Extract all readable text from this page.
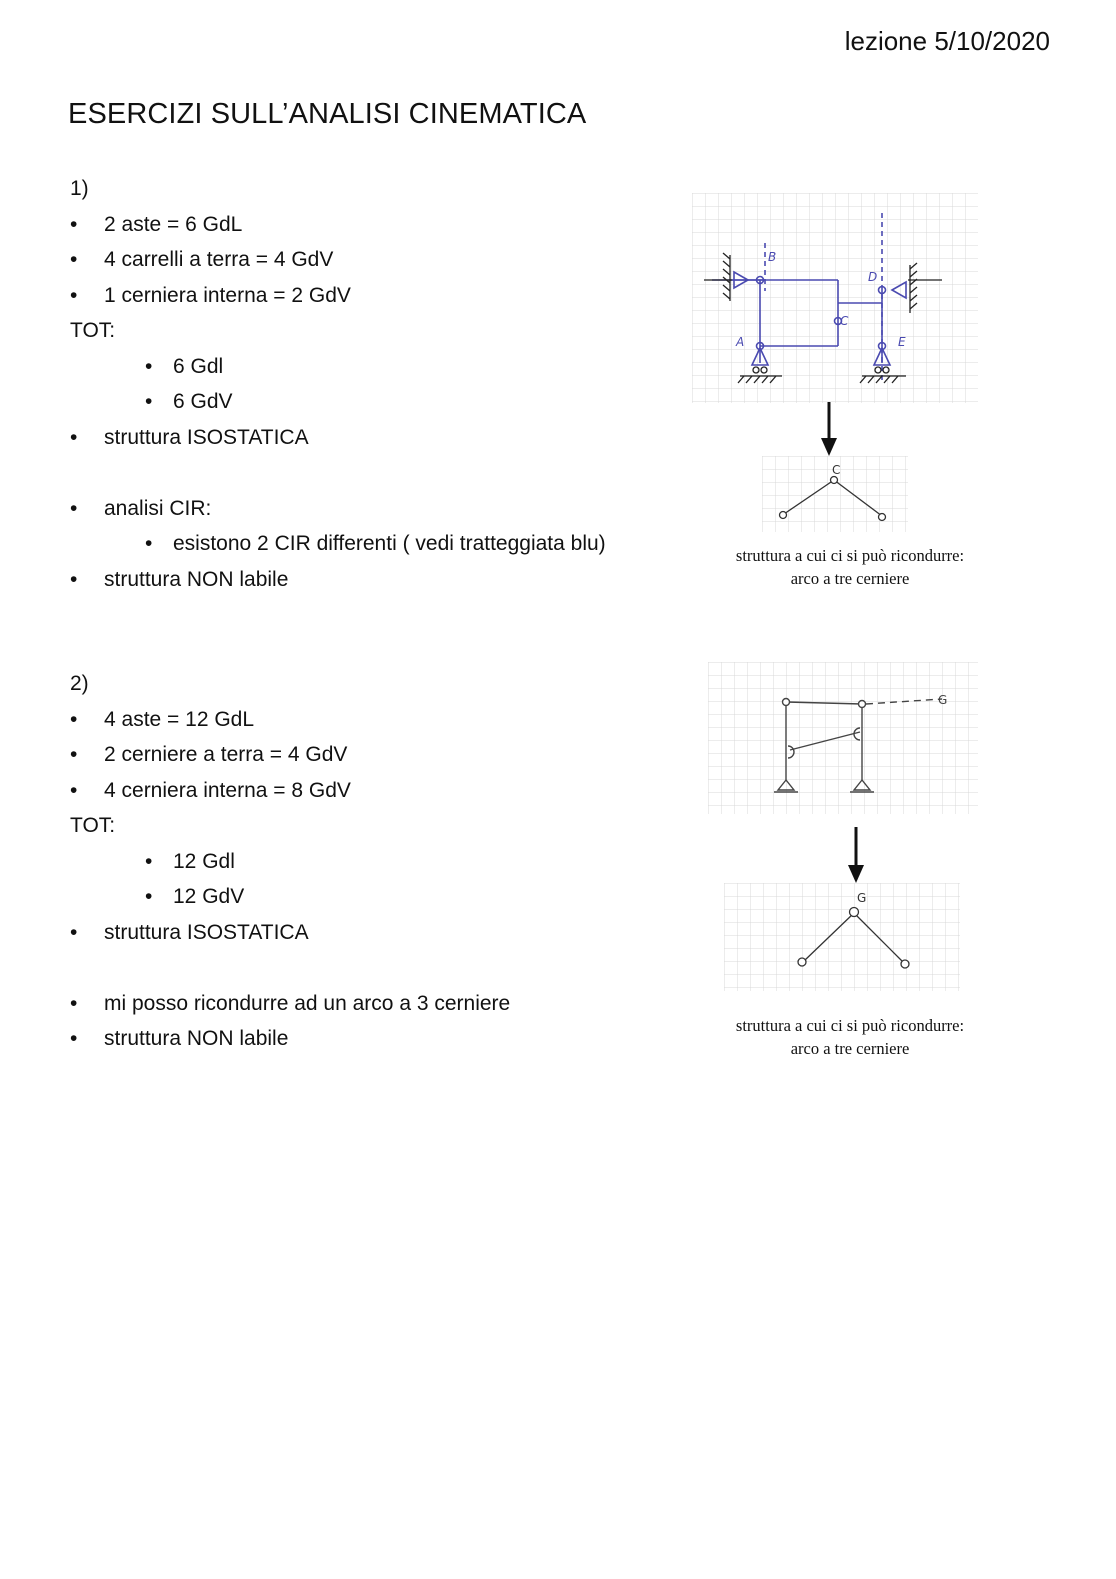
lezione 5/10/2020
ESERCIZI SULL’ANALISI CINEMATICA
1)
• 2 aste = 6 GdL
• 4 carrelli a terra = 4 GdV
• 1 cerniera interna = 2 GdV
TOT:
• 6 Gdl
• 6 GdV
• struttura ISOSTATICA
• analisi CIR:
• esistono 2 CIR differenti ( vedi tratteggiata blu)
• struttura NON labile
B
D
C
A	E
C
struttura a cui ci si può ricondurre:
arco a tre cerniere
2)
• 4 aste = 12 GdL
• 2 cerniere a terra = 4 GdV
• 4 cerniera interna = 8 GdV
TOT:
• 12 Gdl
• 12 GdV
• struttura ISOSTATICA
• mi posso ricondurre ad un arco a 3 cerniere
• struttura NON labile
G
G
struttura a cui ci si può ricondurre:
arco a tre cerniere
